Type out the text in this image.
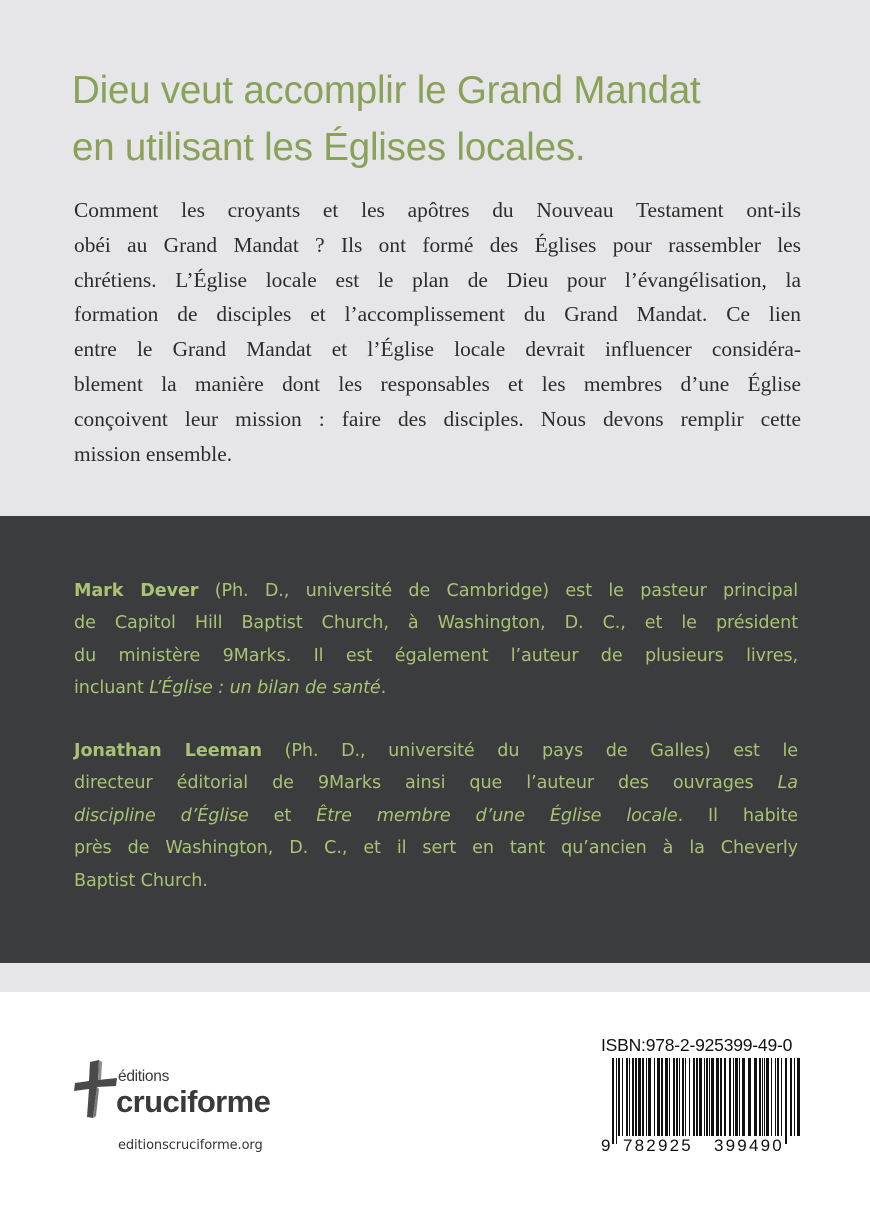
Dieu veut accomplir le Grand Mandat
en utilisant les Églises locales.
Comment les croyants et les apôtres du Nouveau Testament ont-ils
obéi au Grand Mandat ? Ils ont formé des Églises pour rassembler les
chrétiens. L’Église locale est le plan de Dieu pour l’évangélisation, la
formation de disciples et l’accomplissement du Grand Mandat. Ce lien
entre le Grand Mandat et l’Église locale devrait influencer considéra-
blement la manière dont les responsables et les membres d’une Église
conçoivent leur mission : faire des disciples. Nous devons remplir cette
mission ensemble.
Mark Dever (Ph. D., université de Cambridge) est le pasteur principal
de Capitol Hill Baptist Church, à Washington, D. C., et le président
du ministère 9Marks. Il est également l’auteur de plusieurs livres,
incluant L’Église : un bilan de santé.
Jonathan Leeman (Ph. D., université du pays de Galles) est le
directeur éditorial de 9Marks ainsi que l’auteur des ouvrages La
discipline d’Église et Être membre d’une Église locale. Il habite
près de Washington, D. C., et il sert en tant qu’ancien à la Cheverly
Baptist Church.
éditions
cruciforme
editionscruciforme.org
ISBN:978-2-925399-49-0
9 782925 399490
